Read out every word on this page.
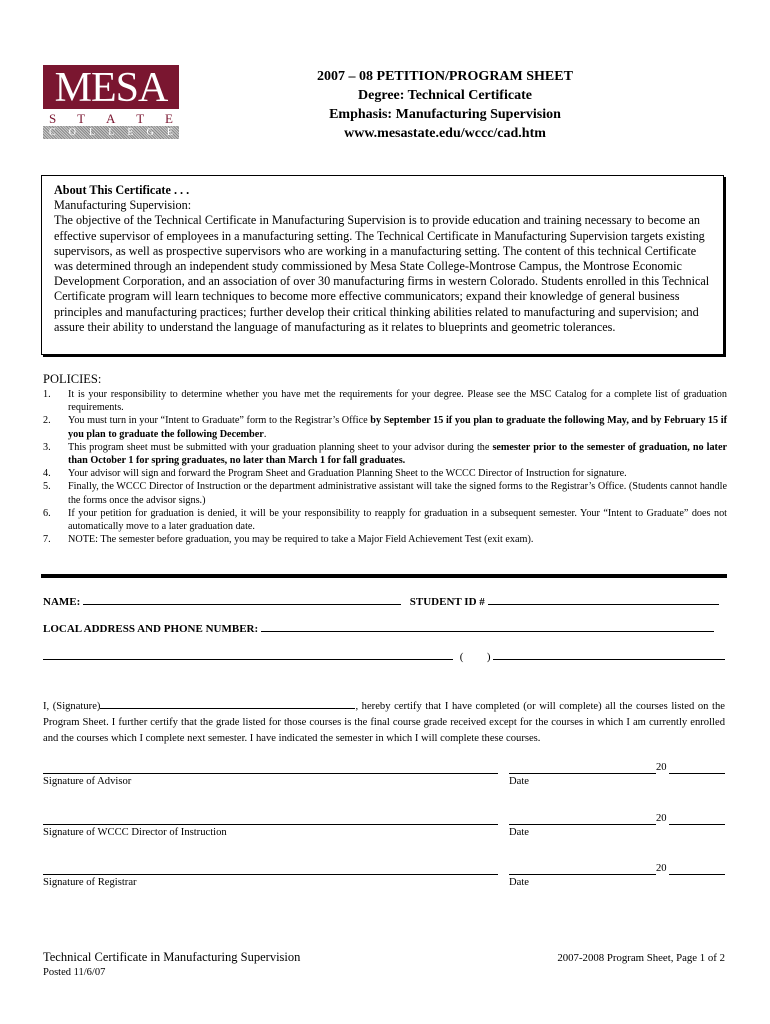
MESA
S T A T E
C O L L E G E
2007 – 08 PETITION/PROGRAM SHEET
Degree: Technical Certificate
Emphasis: Manufacturing Supervision
www.mesastate.edu/wccc/cad.htm
About This Certificate . . .
Manufacturing Supervision:
The objective of the Technical Certificate in Manufacturing Supervision is to provide education and training necessary to become an effective supervisor of employees in a manufacturing setting. The Technical Certificate in Manufacturing Supervision targets existing supervisors, as well as prospective supervisors who are working in a manufacturing setting. The content of this technical Certificate was determined through an independent study commissioned by Mesa State College-Montrose Campus, the Montrose Economic Development Corporation, and an association of over 30 manufacturing firms in western Colorado. Students enrolled in this Technical Certificate program will learn techniques to become more effective communicators; expand their knowledge of general business principles and manufacturing practices; further develop their critical thinking abilities related to manufacturing and supervision; and assure their ability to understand the language of manufacturing as it relates to blueprints and geometric tolerances.
POLICIES:
1.	It is your responsibility to determine whether you have met the requirements for your degree. Please see the MSC Catalog for a complete list of graduation requirements.
2.	You must turn in your “Intent to Graduate” form to the Registrar’s Office by September 15 if you plan to graduate the following May, and by February 15 if you plan to graduate the following December.
3.	This program sheet must be submitted with your graduation planning sheet to your advisor during the semester prior to the semester of graduation, no later than October 1 for spring graduates, no later than March 1 for fall graduates.
4.	Your advisor will sign and forward the Program Sheet and Graduation Planning Sheet to the WCCC Director of Instruction for signature.
5.	Finally, the WCCC Director of Instruction or the department administrative assistant will take the signed forms to the Registrar’s Office. (Students cannot handle the forms once the advisor signs.)
6.	If your petition for graduation is denied, it will be your responsibility to reapply for graduation in a subsequent semester. Your “Intent to Graduate” does not automatically move to a later graduation date.
7.	NOTE: The semester before graduation, you may be required to take a Major Field Achievement Test (exit exam).
NAME:	STUDENT ID #
LOCAL ADDRESS AND PHONE NUMBER:
( )
I, (Signature)	, hereby certify that I have completed (or will complete) all the courses listed on the Program Sheet. I further certify that the grade listed for those courses is the final course grade received except for the courses in which I am currently enrolled and the courses which I complete next semester. I have indicated the semester in which I will complete these courses.
Signature of Advisor
20
Date
Signature of WCCC Director of Instruction
20
Date
Signature of Registrar
20
Date
Technical Certificate in Manufacturing Supervision
Posted 11/6/07
2007-2008 Program Sheet, Page 1 of 2
